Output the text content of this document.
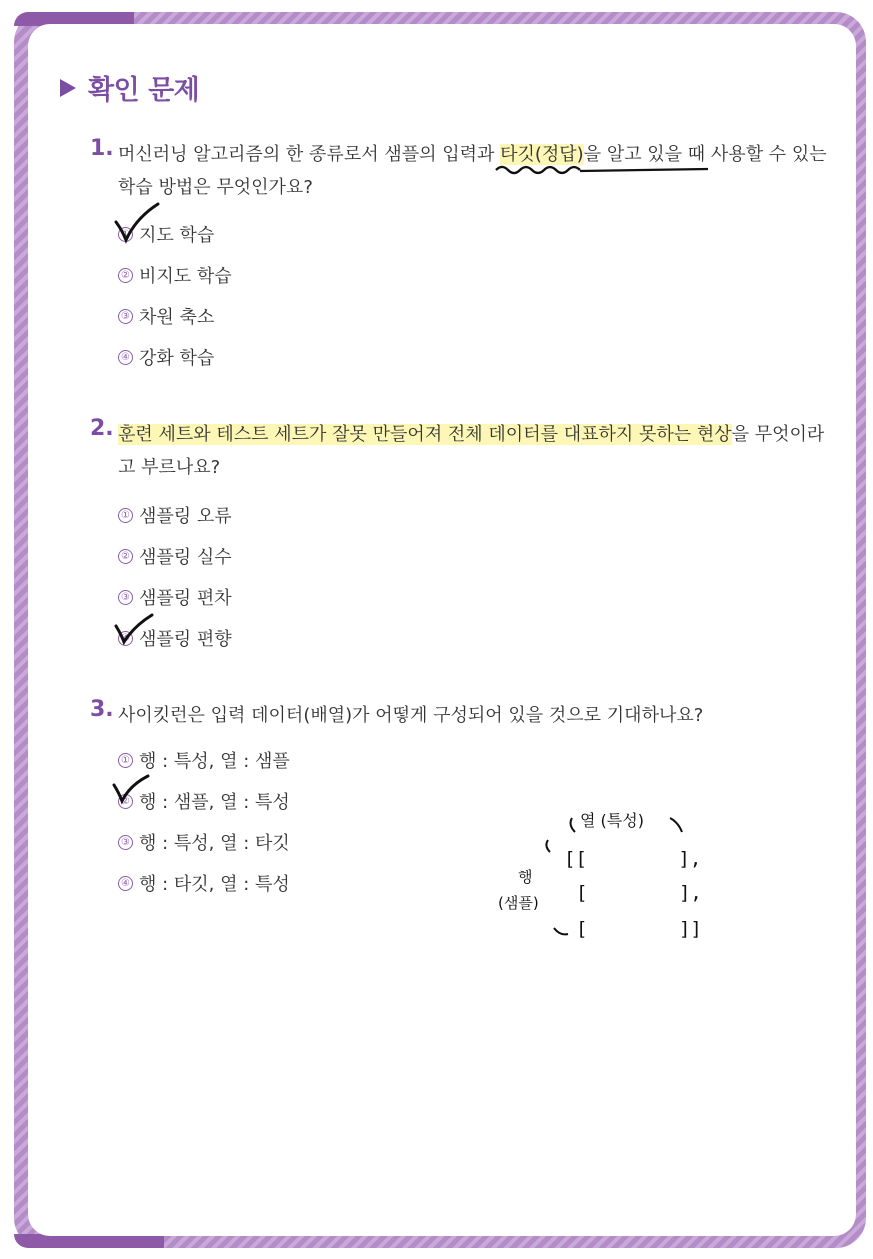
확인 문제
1. 머신러닝 알고리즘의 한 종류로서 샘플의 입력과 타깃(정답)을 알고 있을 때 사용할 수 있는 학습 방법은 무엇인가요?
① 지도 학습
② 비지도 학습
③ 차원 축소
④ 강화 학습
2. 훈련 세트와 테스트 세트가 잘못 만들어져 전체 데이터를 대표하지 못하는 현상을 무엇이라고 부르나요?
① 샘플링 오류
② 샘플링 실수
③ 샘플링 편차
④ 샘플링 편향
3. 사이킷런은 입력 데이터(배열)가 어떻게 구성되어 있을 것으로 기대하나요?
① 행 : 특성, 열 : 샘플
② 행 : 샘플, 열 : 특성
③ 행 : 특성, 열 : 타깃
④ 행 : 타깃, 열 : 특성
열 (특성)
행
(샘플)
[[        ],
[        ],
[        ]]
